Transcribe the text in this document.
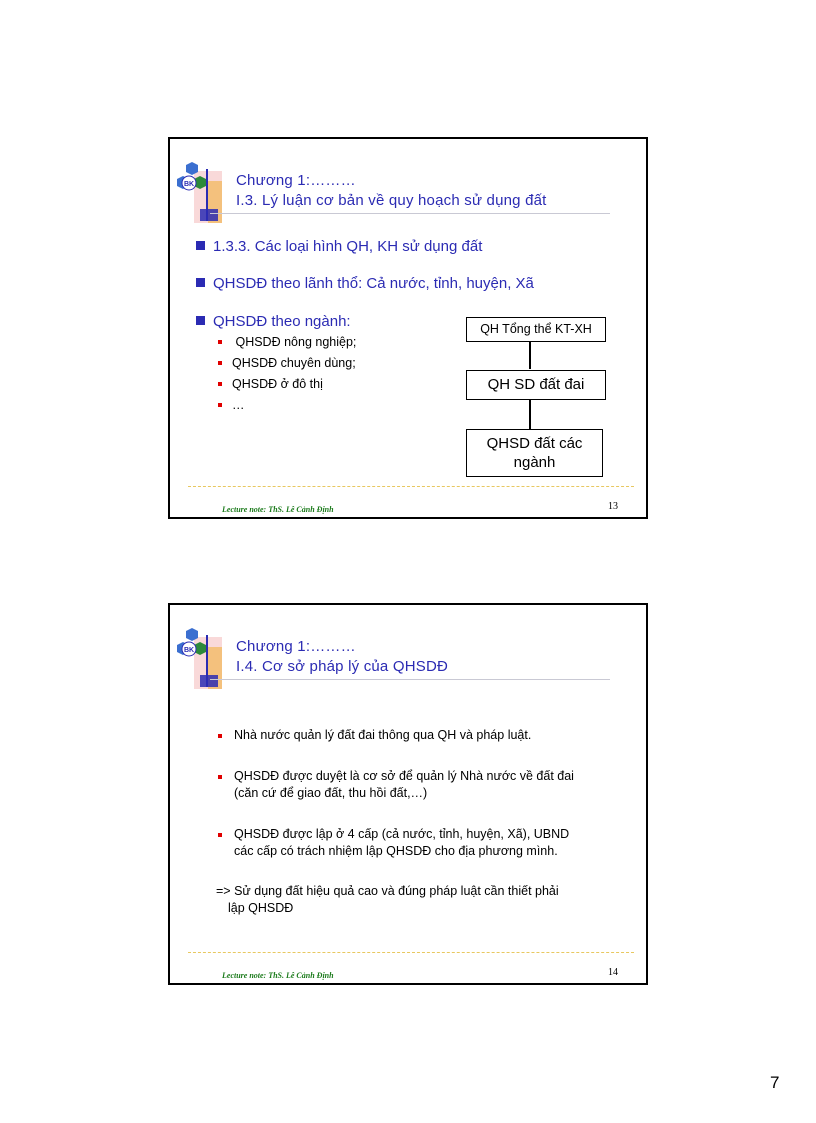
BK	Chương 1:………
I.3. Lý luận cơ bản về quy hoạch sử dụng đất
1.3.3. Các loại hình QH, KH sử dụng đất
QHSDĐ theo lãnh thổ: Cả nước, tỉnh, huyện, Xã
QHSDĐ theo ngành:
QHSDĐ nông nghiệp;
QHSDĐ chuyên dùng;
QHSDĐ ở đô thị
…
QH Tổng thể KT-XH
QH SD đất đai
QHSD đất các
ngành
Lecture note: ThS. Lê Cảnh Định	13
BK	Chương 1:………
I.4. Cơ sở pháp lý của QHSDĐ
Nhà nước quản lý đất đai thông qua QH và pháp luật.
QHSDĐ được duyệt là cơ sở để quản lý Nhà nước về đất đai
(căn cứ để giao đất, thu hồi đất,…)
QHSDĐ được lập ở 4 cấp (cả nước, tỉnh, huyện, Xã), UBND
các cấp có trách nhiệm lập QHSDĐ cho địa phương mình.
=> Sử dụng đất hiệu quả cao và đúng pháp luật cần thiết phải
lập QHSDĐ
Lecture note: ThS. Lê Cảnh Định	14
7
